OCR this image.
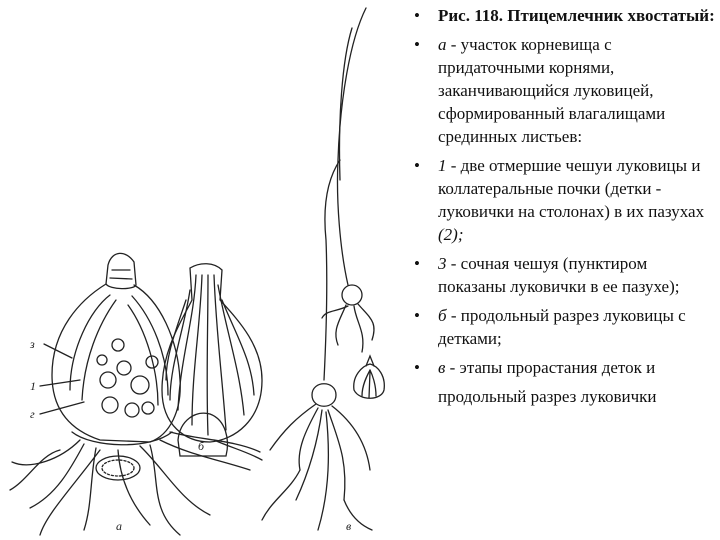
з
1
г
а
б
в
• Рис. 118. Птицемлечник хвостатый:
• а - участок корневища с придаточными корнями, заканчивающийся луковицей, сформированный влагалищами срединных листьев:
• 1 - две отмершие чешуи луковицы и коллатеральные почки (детки - луковички на столонах) в их пазухах (2);
• 3 - сочная чешуя (пунктиром показаны луковички в ее пазухе);
• б - продольный разрез луковицы с детками;
• в - этапы прорастания деток и
продольный разрез луковички
